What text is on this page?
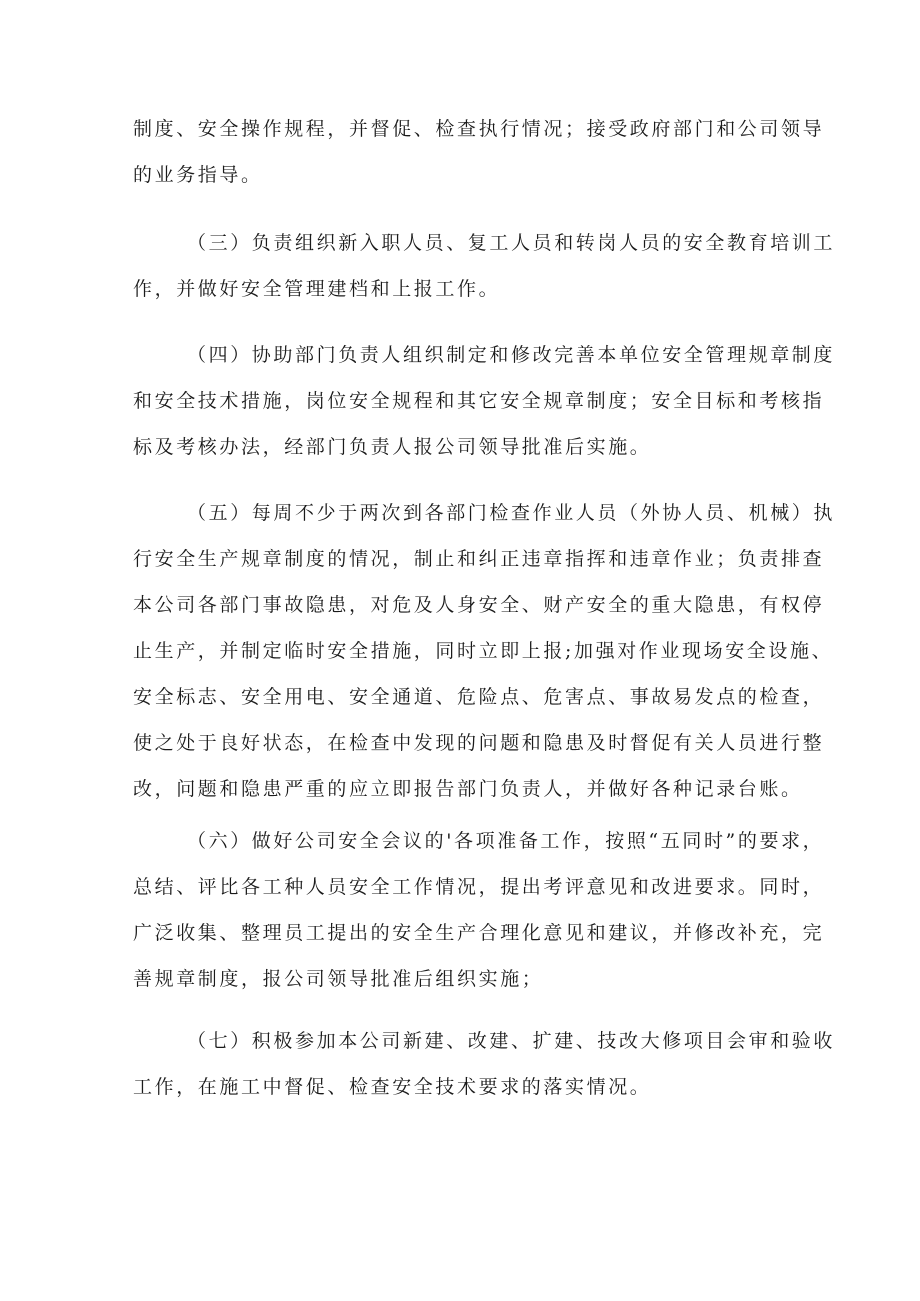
制度、安全操作规程，并督促、检查执行情况；接受政府部门和公司领导
的业务指导。

（三）负责组织新入职人员、复工人员和转岗人员的安全教育培训工
作，并做好安全管理建档和上报工作。

（四）协助部门负责人组织制定和修改完善本单位安全管理规章制度
和安全技术措施，岗位安全规程和其它安全规章制度；安全目标和考核指
标及考核办法，经部门负责人报公司领导批准后实施。

（五）每周不少于两次到各部门检查作业人员（外协人员、机械）执
行安全生产规章制度的情况，制止和纠正违章指挥和违章作业；负责排查
本公司各部门事故隐患，对危及人身安全、财产安全的重大隐患，有权停
止生产，并制定临时安全措施，同时立即上报;加强对作业现场安全设施、
安全标志、安全用电、安全通道、危险点、危害点、事故易发点的检查，
使之处于良好状态，在检查中发现的问题和隐患及时督促有关人员进行整
改，问题和隐患严重的应立即报告部门负责人，并做好各种记录台账。

（六）做好公司安全会议的'各项准备工作，按照“五同时”的要求，
总结、评比各工种人员安全工作情况，提出考评意见和改进要求。同时，
广泛收集、整理员工提出的安全生产合理化意见和建议，并修改补充，完
善规章制度，报公司领导批准后组织实施；

（七）积极参加本公司新建、改建、扩建、技改大修项目会审和验收
工作，在施工中督促、检查安全技术要求的落实情况。
